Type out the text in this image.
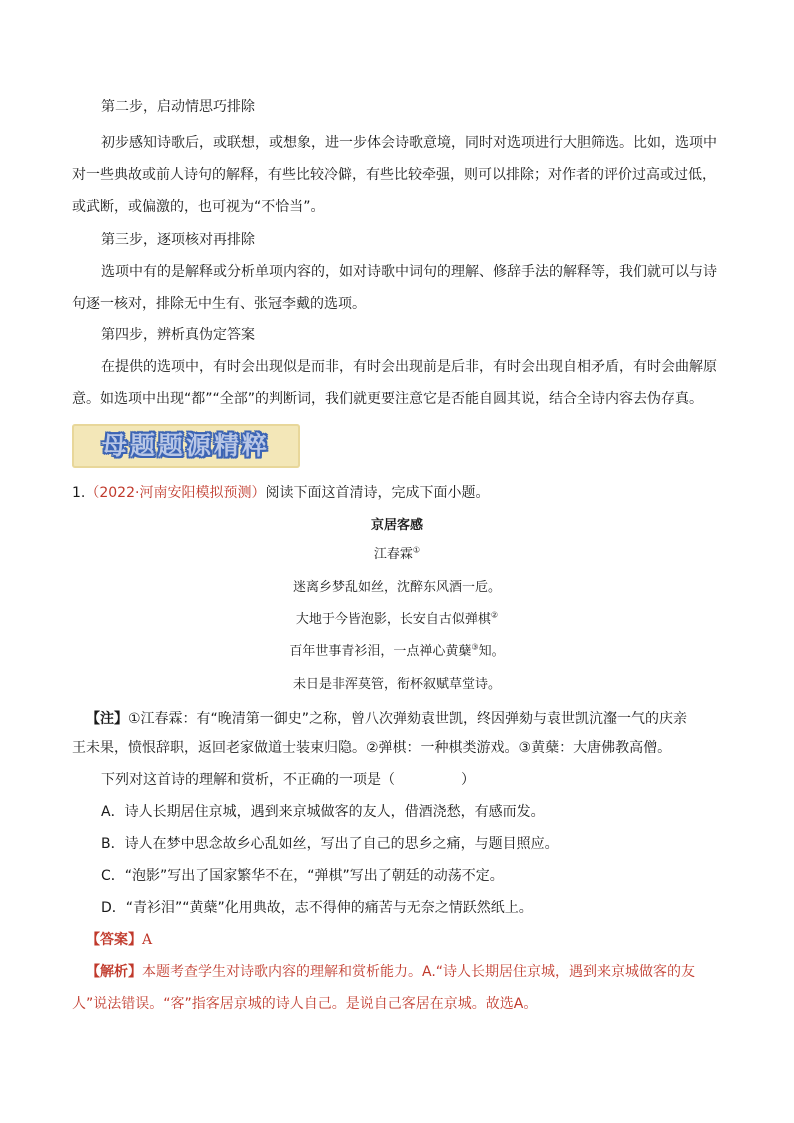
第二步，启动情思巧排除
初步感知诗歌后，或联想，或想象，进一步体会诗歌意境，同时对选项进行大胆筛选。比如，选项中
对一些典故或前人诗句的解释，有些比较冷僻，有些比较牵强，则可以排除；对作者的评价过高或过低，
或武断，或偏激的，也可视为“不恰当”。
第三步，逐项核对再排除
选项中有的是解释或分析单项内容的，如对诗歌中词句的理解、修辞手法的解释等，我们就可以与诗
句逐一核对，排除无中生有、张冠李戴的选项。
第四步，辨析真伪定答案
在提供的选项中，有时会出现似是而非，有时会出现前是后非，有时会出现自相矛盾，有时会曲解原
意。如选项中出现“都”“全部”的判断词，我们就更要注意它是否能自圆其说，结合全诗内容去伪存真。
母题题源精粹
1.（2022·河南安阳模拟预测）阅读下面这首清诗，完成下面小题。
京居客感
江春霖①
迷离乡梦乱如丝，沈醉东风酒一卮。
大地于今皆泡影，长安自古似弹棋②
百年世事青衫泪，一点禅心黄蘖③知。
未日是非浑莫管，衔杯叙赋草堂诗。
【注】①江春霖：有“晚清第一御史”之称，曾八次弹劾袁世凯，终因弹劾与袁世凯沆瀣一气的庆亲
王未果，愤恨辞职，返回老家做道士装束归隐。②弹棋：一种棋类游戏。③黄蘖：大唐佛教高僧。
下列对这首诗的理解和赏析，不正确的一项是（	）
A．诗人长期居住京城，遇到来京城做客的友人，借酒浇愁，有感而发。
B．诗人在梦中思念故乡心乱如丝，写出了自己的思乡之痛，与题目照应。
C．“泡影”写出了国家繁华不在，“弹棋”写出了朝廷的动荡不定。
D．“青衫泪”“黄蘖”化用典故，志不得伸的痛苦与无奈之情跃然纸上。
【答案】A
【解析】本题考查学生对诗歌内容的理解和赏析能力。A.“诗人长期居住京城，遇到来京城做客的友
人”说法错误。“客”指客居京城的诗人自己。是说自己客居在京城。故选A。
